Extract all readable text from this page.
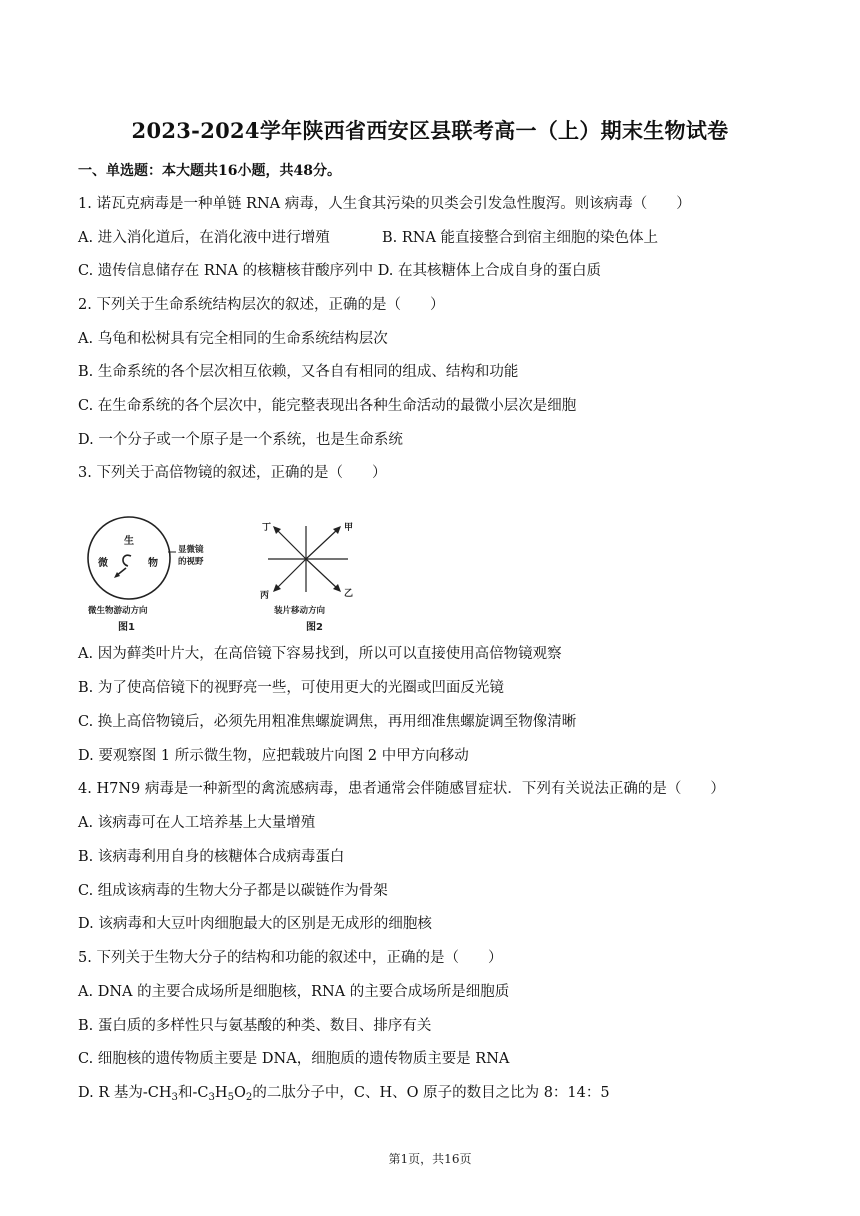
2023-2024学年陕西省西安区县联考高一（上）期末生物试卷
一、单选题：本大题共16小题，共48分。
1. 诺瓦克病毒是一种单链 RNA 病毒，人生食其污染的贝类会引发急性腹泻。则该病毒（　　）
A. 进入消化道后，在消化液中进行增殖	B. RNA 能直接整合到宿主细胞的染色体上
C. 遗传信息储存在 RNA 的核糖核苷酸序列中 D. 在其核糖体上合成自身的蛋白质
2. 下列关于生命系统结构层次的叙述，正确的是（　　）
A. 乌龟和松树具有完全相同的生命系统结构层次
B. 生命系统的各个层次相互依赖，又各自有相同的组成、结构和功能
C. 在生命系统的各个层次中，能完整表现出各种生命活动的最微小层次是细胞
D. 一个分子或一个原子是一个系统，也是生命系统
3. 下列关于高倍物镜的叙述，正确的是（　　）
生
微	物
显微镜
的视野
微生物游动方向
图1
丁	甲
丙	乙
装片移动方向
图2
A. 因为藓类叶片大，在高倍镜下容易找到，所以可以直接使用高倍物镜观察
B. 为了使高倍镜下的视野亮一些，可使用更大的光圈或凹面反光镜
C. 换上高倍物镜后，必须先用粗准焦螺旋调焦，再用细准焦螺旋调至物像清晰
D. 要观察图 1 所示微生物，应把载玻片向图 2 中甲方向移动
4. H7N9 病毒是一种新型的禽流感病毒，患者通常会伴随感冒症状．下列有关说法正确的是（　　）
A. 该病毒可在人工培养基上大量增殖
B. 该病毒利用自身的核糖体合成病毒蛋白
C. 组成该病毒的生物大分子都是以碳链作为骨架
D. 该病毒和大豆叶肉细胞最大的区别是无成形的细胞核
5. 下列关于生物大分子的结构和功能的叙述中，正确的是（　　）
A. DNA 的主要合成场所是细胞核，RNA 的主要合成场所是细胞质
B. 蛋白质的多样性只与氨基酸的种类、数目、排序有关
C. 细胞核的遗传物质主要是 DNA，细胞质的遗传物质主要是 RNA
D. R 基为$-CH_3$和$-C_3H_5O_2$的二肽分子中，C、H、O 原子的数目之比为 8：14：5
第1页，共16页
